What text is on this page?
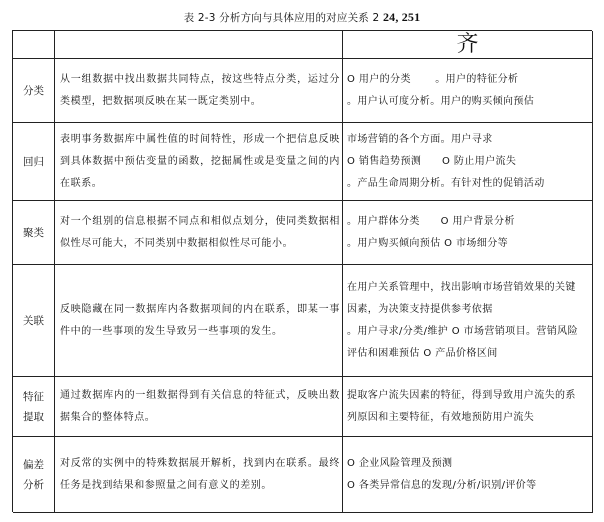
表 2-3 分析方向与具体应用的对应关系 2 24, 251
齐
分类
从一组数据中找出数据共同特点，按这些特点分类，运过分类模型，把数据项反映在某一既定类别中。
O 用户的分类　　 。用户的特征分析
。用户认可度分析。用户的购买倾向预估
回归
表明事务数据库中属性值的时间特性，形成一个把信息反映到具体数据中预估变量的函数，挖掘属性或是变量之间的内在联系。
市场营销的各个方面。用户寻求
O 销售趋势预测　　O 防止用户流失
。产品生命周期分析。有针对性的促销活动
聚类
对一个组别的信息根据不同点和相似点划分，使同类数据相似性尽可能大，不同类别中数据相似性尽可能小。
。用户群体分类　　O 用户背景分析
。用户购买倾向预估 O 市场细分等
关联
反映隐藏在同一数据库内各数据项间的内在联系，即某一事件中的一些事项的发生导致另一些事项的发生。
在用户关系管理中，找出影响市场营销效果的关键
因素，为决策支持提供参考依据
。用户寻求/分类/维护 O 市场营销项目。营销风险
评估和困难预估 O 产品价格区间
特征
提取
通过数据库内的一组数据得到有关信息的特征式，反映出数据集合的整体特点。
提取客户流失因素的特征，得到导致用户流失的系
列原因和主要特征，有效地预防用户流失
偏差
分析
对反常的实例中的特殊数据展开解析，找到内在联系。最终任务是找到结果和参照量之间有意义的差别。
O 企业风险管理及预测
O 各类异常信息的发现/分析/识别/评价等
